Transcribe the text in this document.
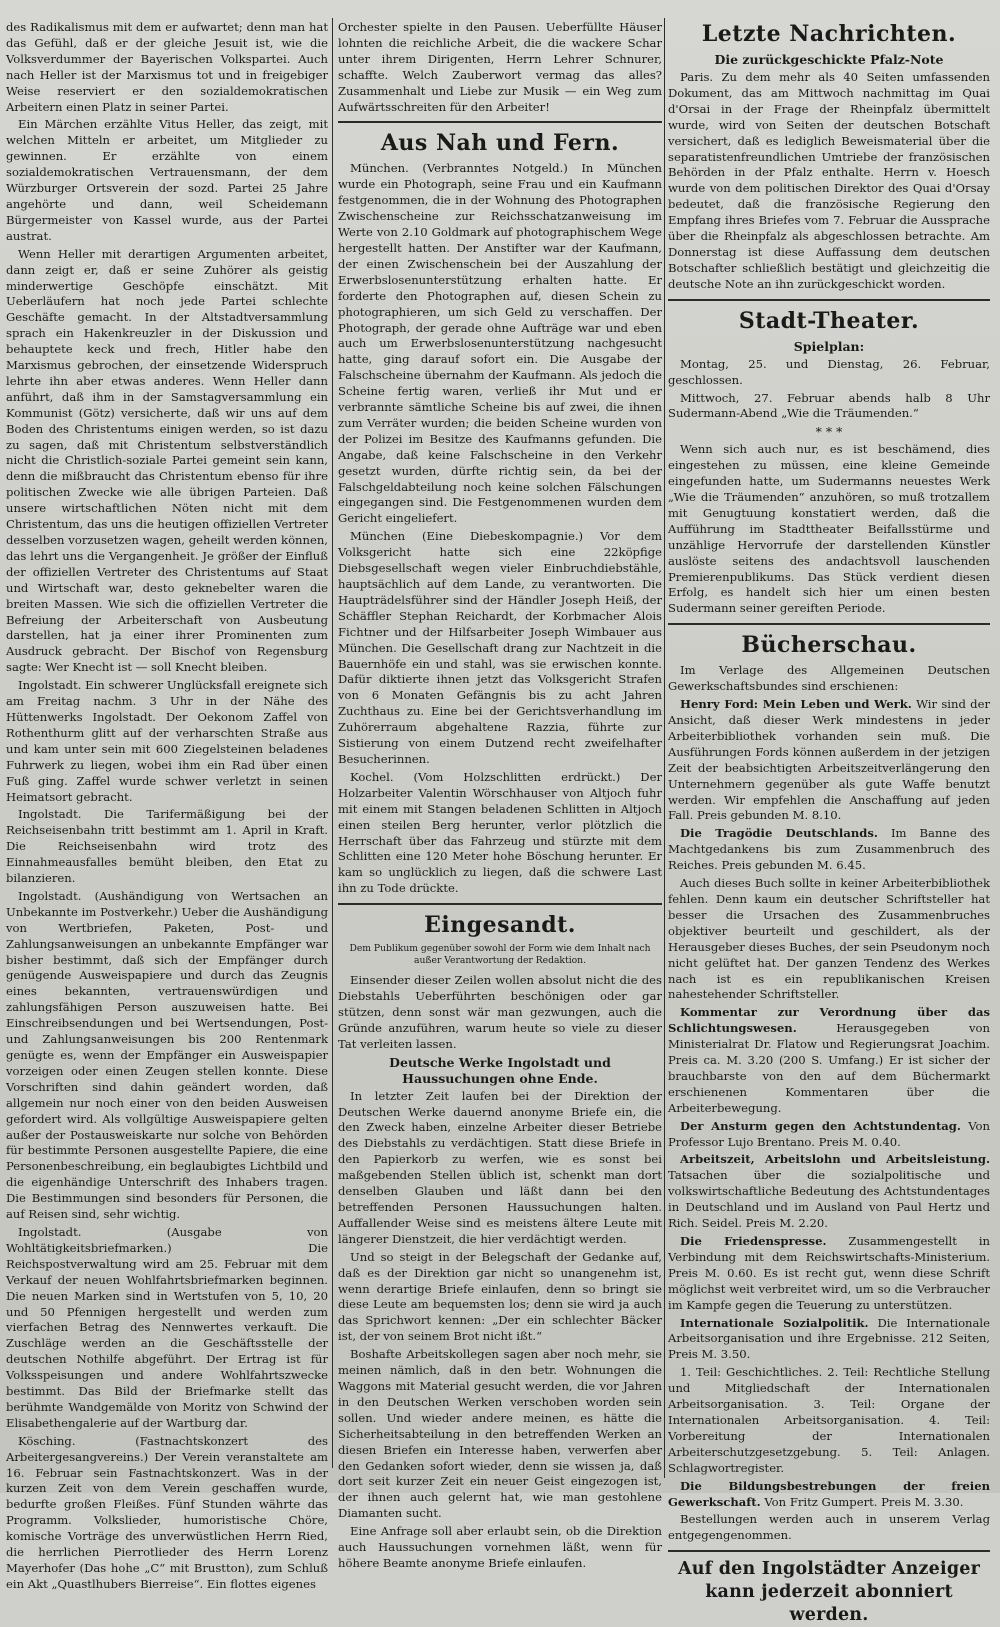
des Radikalismus mit dem er aufwartet; denn man hat das Gefühl, daß er der gleiche Jesuit ist, wie die Volksverdummer der Bayerischen Volkspartei. Auch nach Heller ist der Marxismus tot und in freigebiger Weise reserviert er den sozialdemokratischen Arbeitern einen Platz in seiner Partei.

Ein Märchen erzählte Vitus Heller, das zeigt, mit welchen Mitteln er arbeitet, um Mitglieder zu gewinnen. Er erzählte von einem sozialdemokratischen Vertrauensmann, der dem Würzburger Ortsverein der sozd. Partei 25 Jahre angehörte und dann, weil Scheidemann Bürgermeister von Kassel wurde, aus der Partei austrat.

Wenn Heller mit derartigen Argumenten arbeitet, dann zeigt er, daß er seine Zuhörer als geistig minderwertige Geschöpfe einschätzt. Mit Ueberläufern hat noch jede Partei schlechte Geschäfte gemacht. In der Altstadtversammlung sprach ein Hakenkreuzler in der Diskussion und behauptete keck und frech, Hitler habe den Marxismus gebrochen, der einsetzende Widerspruch lehrte ihn aber etwas anderes. Wenn Heller dann anführt, daß ihm in der Samstagversammlung ein Kommunist (Götz) versicherte, daß wir uns auf dem Boden des Christentums einigen werden, so ist dazu zu sagen, daß mit Christentum selbstverständlich nicht die Christlich-soziale Partei gemeint sein kann, denn die mißbraucht das Christentum ebenso für ihre politischen Zwecke wie alle übrigen Parteien. Daß unsere wirtschaftlichen Nöten nicht mit dem Christentum, das uns die heutigen offiziellen Vertreter desselben vorzusetzen wagen, geheilt werden können, das lehrt uns die Vergangenheit. Je größer der Einfluß der offiziellen Vertreter des Christentums auf Staat und Wirtschaft war, desto geknebelter waren die breiten Massen. Wie sich die offiziellen Vertreter die Befreiung der Arbeiterschaft von Ausbeutung darstellen, hat ja einer ihrer Prominenten zum Ausdruck gebracht. Der Bischof von Regensburg sagte: Wer Knecht ist — soll Knecht bleiben.

Ingolstadt. Ein schwerer Unglücksfall ereignete sich am Freitag nachm. 3 Uhr in der Nähe des Hüttenwerks Ingolstadt. Der Oekonom Zaffel von Rothenthurm glitt auf der verharschten Straße aus und kam unter sein mit 600 Ziegelsteinen beladenes Fuhrwerk zu liegen, wobei ihm ein Rad über einen Fuß ging. Zaffel wurde schwer verletzt in seinen Heimatsort gebracht.

Ingolstadt. Die Tarifermäßigung bei der Reichseisenbahn tritt bestimmt am 1. April in Kraft. Die Reichseisenbahn wird trotz des Einnahmeausfalles bemüht bleiben, den Etat zu bilanzieren.

Ingolstadt. (Aushändigung von Wertsachen an Unbekannte im Postverkehr.) Ueber die Aushändigung von Wertbriefen, Paketen, Post- und Zahlungsanweisungen an unbekannte Empfänger war bisher bestimmt, daß sich der Empfänger durch genügende Ausweispapiere und durch das Zeugnis eines bekannten, vertrauenswürdigen und zahlungsfähigen Person auszuweisen hatte. Bei Einschreibsendungen und bei Wertsendungen, Post- und Zahlungsanweisungen bis 200 Rentenmark genügte es, wenn der Empfänger ein Ausweispapier vorzeigen oder einen Zeugen stellen konnte. Diese Vorschriften sind dahin geändert worden, daß allgemein nur noch einer von den beiden Ausweisen gefordert wird. Als vollgültige Ausweispapiere gelten außer der Postausweiskarte nur solche von Behörden für bestimmte Personen ausgestellte Papiere, die eine Personenbeschreibung, ein beglaubigtes Lichtbild und die eigenhändige Unterschrift des Inhabers tragen. Die Bestimmungen sind besonders für Personen, die auf Reisen sind, sehr wichtig.

Ingolstadt. (Ausgabe von Wohltätigkeitsbriefmarken.) Die Reichspostverwaltung wird am 25. Februar mit dem Verkauf der neuen Wohlfahrtsbriefmarken beginnen. Die neuen Marken sind in Wertstufen von 5, 10, 20 und 50 Pfennigen hergestellt und werden zum vierfachen Betrag des Nennwertes verkauft. Die Zuschläge werden an die Geschäftsstelle der deutschen Nothilfe abgeführt. Der Ertrag ist für Volksspeisungen und andere Wohlfahrtszwecke bestimmt. Das Bild der Briefmarke stellt das berühmte Wandgemälde von Moritz von Schwind der Elisabethengalerie auf der Wartburg dar.

Kösching. (Fastnachtskonzert des Arbeitergesangvereins.) Der Verein veranstaltete am 16. Februar sein Fastnachtskonzert. Was in der kurzen Zeit von dem Verein geschaffen wurde, bedurfte großen Fleißes. Fünf Stunden währte das Programm. Volkslieder, humoristische Chöre, komische Vorträge des unverwüstlichen Herrn Ried, die herrlichen Pierrotlieder des Herrn Lorenz Mayerhofer (Das hohe „C“ mit Brustton), zum Schluß ein Akt „Quastlhubers Bierreise“. Ein flottes eigenes

Orchester spielte in den Pausen. Ueberfüllte Häuser lohnten die reichliche Arbeit, die die wackere Schar unter ihrem Dirigenten, Herrn Lehrer Schnurer, schaffte. Welch Zauberwort vermag das alles? Zusammenhalt und Liebe zur Musik — ein Weg zum Aufwärtsschreiten für den Arbeiter!

Aus Nah und Fern.

München. (Verbranntes Notgeld.) In München wurde ein Photograph, seine Frau und ein Kaufmann festgenommen, die in der Wohnung des Photographen Zwischenscheine zur Reichsschatzanweisung im Werte von 2.10 Goldmark auf photographischem Wege hergestellt hatten. Der Anstifter war der Kaufmann, der einen Zwischenschein bei der Auszahlung der Erwerbslosenunterstützung erhalten hatte. Er forderte den Photographen auf, diesen Schein zu photographieren, um sich Geld zu verschaffen. Der Photograph, der gerade ohne Aufträge war und eben auch um Erwerbslosenunterstützung nachgesucht hatte, ging darauf sofort ein. Die Ausgabe der Falschscheine übernahm der Kaufmann. Als jedoch die Scheine fertig waren, verließ ihr Mut und er verbrannte sämtliche Scheine bis auf zwei, die ihnen zum Verräter wurden; die beiden Scheine wurden von der Polizei im Besitze des Kaufmanns gefunden. Die Angabe, daß keine Falschscheine in den Verkehr gesetzt wurden, dürfte richtig sein, da bei der Falschgeldabteilung noch keine solchen Fälschungen eingegangen sind. Die Festgenommenen wurden dem Gericht eingeliefert.

München (Eine Diebeskompagnie.) Vor dem Volksgericht hatte sich eine 22köpfige Diebsgesellschaft wegen vieler Einbruchdiebstähle, hauptsächlich auf dem Lande, zu verantworten. Die Haupträdelsführer sind der Händler Joseph Heiß, der Schäffler Stephan Reichardt, der Korbmacher Alois Fichtner und der Hilfsarbeiter Joseph Wimbauer aus München. Die Gesellschaft drang zur Nachtzeit in die Bauernhöfe ein und stahl, was sie erwischen konnte. Dafür diktierte ihnen jetzt das Volksgericht Strafen von 6 Monaten Gefängnis bis zu acht Jahren Zuchthaus zu. Eine bei der Gerichtsverhandlung im Zuhörerraum abgehaltene Razzia, führte zur Sistierung von einem Dutzend recht zweifelhafter Besucherinnen.

Kochel. (Vom Holzschlitten erdrückt.) Der Holzarbeiter Valentin Wörschhauser von Altjoch fuhr mit einem mit Stangen beladenen Schlitten in Altjoch einen steilen Berg herunter, verlor plötzlich die Herrschaft über das Fahrzeug und stürzte mit dem Schlitten eine 120 Meter hohe Böschung herunter. Er kam so unglücklich zu liegen, daß die schwere Last ihn zu Tode drückte.

Eingesandt.
Dem Publikum gegenüber sowohl der Form wie dem Inhalt nach außer Verantwortung der Redaktion.

Einsender dieser Zeilen wollen absolut nicht die des Diebstahls Ueberführten beschönigen oder gar stützen, denn sonst wär man gezwungen, auch die Gründe anzuführen, warum heute so viele zu dieser Tat verleiten lassen.

Deutsche Werke Ingolstadt und Haussuchungen ohne Ende.

In letzter Zeit laufen bei der Direktion der Deutschen Werke dauernd anonyme Briefe ein, die den Zweck haben, einzelne Arbeiter dieser Betriebe des Diebstahls zu verdächtigen. Statt diese Briefe in den Papierkorb zu werfen, wie es sonst bei maßgebenden Stellen üblich ist, schenkt man dort denselben Glauben und läßt dann bei den betreffenden Personen Haussuchungen halten. Auffallender Weise sind es meistens ältere Leute mit längerer Dienstzeit, die hier verdächtigt werden.

Und so steigt in der Belegschaft der Gedanke auf, daß es der Direktion gar nicht so unangenehm ist, wenn derartige Briefe einlaufen, denn so bringt sie diese Leute am bequemsten los; denn sie wird ja auch das Sprichwort kennen: „Der ein schlechter Bäcker ist, der von seinem Brot nicht ißt.“

Boshafte Arbeitskollegen sagen aber noch mehr, sie meinen nämlich, daß in den betr. Wohnungen die Waggons mit Material gesucht werden, die vor Jahren in den Deutschen Werken verschoben worden sein sollen. Und wieder andere meinen, es hätte die Sicherheitsabteilung in den betreffenden Werken an diesen Briefen ein Interesse haben, verwerfen aber den Gedanken sofort wieder, denn sie wissen ja, daß dort seit kurzer Zeit ein neuer Geist eingezogen ist, der ihnen auch gelernt hat, wie man gestohlene Diamanten sucht.

Eine Anfrage soll aber erlaubt sein, ob die Direktion auch Haussuchungen vornehmen läßt, wenn für höhere Beamte anonyme Briefe einlaufen.

Letzte Nachrichten.
Die zurückgeschickte Pfalz-Note

Paris. Zu dem mehr als 40 Seiten umfassenden Dokument, das am Mittwoch nachmittag im Quai d'Orsai in der Frage der Rheinpfalz übermittelt wurde, wird von Seiten der deutschen Botschaft versichert, daß es lediglich Beweismaterial über die separatistenfreundlichen Umtriebe der französischen Behörden in der Pfalz enthalte. Herrn v. Hoesch wurde von dem politischen Direktor des Quai d'Orsay bedeutet, daß die französische Regierung den Empfang ihres Briefes vom 7. Februar die Aussprache über die Rheinpfalz als abgeschlossen betrachte. Am Donnerstag ist diese Auffassung dem deutschen Botschafter schließlich bestätigt und gleichzeitig die deutsche Note an ihn zurückgeschickt worden.

Stadt-Theater.
Spielplan:

Montag, 25. und Dienstag, 26. Februar, geschlossen.

Mittwoch, 27. Februar abends halb 8 Uhr Sudermann-Abend „Wie die Träumenden.“

* * *

Wenn sich auch nur, es ist beschämend, dies eingestehen zu müssen, eine kleine Gemeinde eingefunden hatte, um Sudermanns neuestes Werk „Wie die Träumenden“ anzuhören, so muß trotzallem mit Genugtuung konstatiert werden, daß die Aufführung im Stadttheater Beifallsstürme und unzählige Hervorrufe der darstellenden Künstler auslöste seitens des andachtsvoll lauschenden Premierenpublikums. Das Stück verdient diesen Erfolg, es handelt sich hier um einen besten Sudermann seiner gereiften Periode.

Bücherschau.

Im Verlage des Allgemeinen Deutschen Gewerkschaftsbundes sind erschienen:

Henry Ford: Mein Leben und Werk. Wir sind der Ansicht, daß dieser Werk mindestens in jeder Arbeiterbibliothek vorhanden sein muß. Die Ausführungen Fords können außerdem in der jetzigen Zeit der beabsichtigten Arbeitszeitverlängerung den Unternehmern gegenüber als gute Waffe benutzt werden. Wir empfehlen die Anschaffung auf jeden Fall. Preis gebunden M. 8.10.

Die Tragödie Deutschlands. Im Banne des Machtgedankens bis zum Zusammenbruch des Reiches. Preis gebunden M. 6.45.

Auch dieses Buch sollte in keiner Arbeiterbibliothek fehlen. Denn kaum ein deutscher Schriftsteller hat besser die Ursachen des Zusammenbruches objektiver beurteilt und geschildert, als der Herausgeber dieses Buches, der sein Pseudonym noch nicht gelüftet hat. Der ganzen Tendenz des Werkes nach ist es ein republikanischen Kreisen nahestehender Schriftsteller.

Kommentar zur Verordnung über das Schlichtungswesen. Herausgegeben von Ministerialrat Dr. Flatow und Regierungsrat Joachim. Preis ca. M. 3.20 (200 S. Umfang.) Er ist sicher der brauchbarste von den auf dem Büchermarkt erschienenen Kommentaren über die Arbeiterbewegung.

Der Ansturm gegen den Achtstundentag. Von Professor Lujo Brentano. Preis M. 0.40.

Arbeitszeit, Arbeitslohn und Arbeitsleistung. Tatsachen über die sozialpolitische und volkswirtschaftliche Bedeutung des Achtstundentages in Deutschland und im Ausland von Paul Hertz und Rich. Seidel. Preis M. 2.20.

Die Friedenspresse. Zusammengestellt in Verbindung mit dem Reichswirtschafts-Ministerium. Preis M. 0.60. Es ist recht gut, wenn diese Schrift möglichst weit verbreitet wird, um so die Verbraucher im Kampfe gegen die Teuerung zu unterstützen.

Internationale Sozialpolitik. Die Internationale Arbeitsorganisation und ihre Ergebnisse. 212 Seiten, Preis M. 3.50.

1. Teil: Geschichtliches. 2. Teil: Rechtliche Stellung und Mitgliedschaft der Internationalen Arbeitsorganisation. 3. Teil: Organe der Internationalen Arbeitsorganisation. 4. Teil: Vorbereitung der Internationalen Arbeiterschutzgesetzgebung. 5. Teil: Anlagen. Schlagwortregister.

Die Bildungsbestrebungen der freien Gewerkschaft. Von Fritz Gumpert. Preis M. 3.30.

Bestellungen werden auch in unserem Verlag entgegengenommen.

Auf den Ingolstädter Anzeiger kann jederzeit abonniert werden.
